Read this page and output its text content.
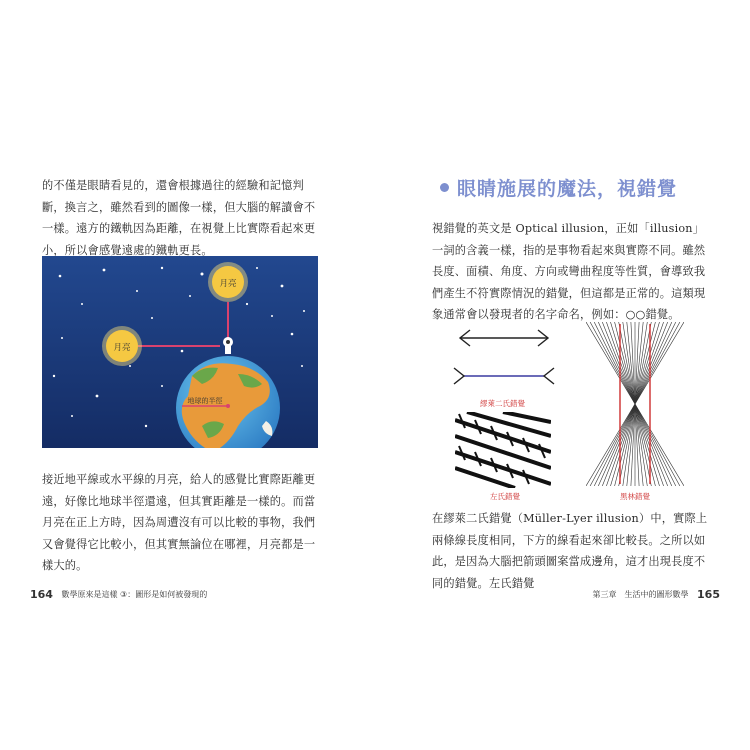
的不僅是眼睛看見的，還會根據過往的經驗和記憶判斷，換言之，雖然看到的圖像一樣，但大腦的解讀會不一樣。遠方的鐵軌因為距離，在視覺上比實際看起來更小，所以會感覺遠處的鐵軌更長。

月亮
月亮
地球的半徑

接近地平線或水平線的月亮，給人的感覺比實際距離更遠，好像比地球半徑還遠，但其實距離是一樣的。而當月亮在正上方時，因為周遭沒有可以比較的事物，我們又會覺得它比較小，但其實無論位在哪裡，月亮都是一樣大的。

164 數學原來是這樣 ③：圖形是如何被發現的
眼睛施展的魔法，視錯覺

視錯覺的英文是 Optical illusion，正如「illusion」一詞的含義一樣，指的是事物看起來與實際不同。雖然長度、面積、角度、方向或彎曲程度等性質，會導致我們產生不符實際情況的錯覺，但這都是正常的。這類現象通常會以發現者的名字命名，例如：○○錯覺。

繆萊二氏錯覺
左氏錯覺	黑林錯覺

在繆萊二氏錯覺（Müller-Lyer illusion）中，實際上兩條線長度相同，下方的線看起來卻比較長。之所以如此，是因為大腦把箭頭圖案當成邊角，這才出現長度不同的錯覺。左氏錯覺

第三章　生活中的圖形數學 165
